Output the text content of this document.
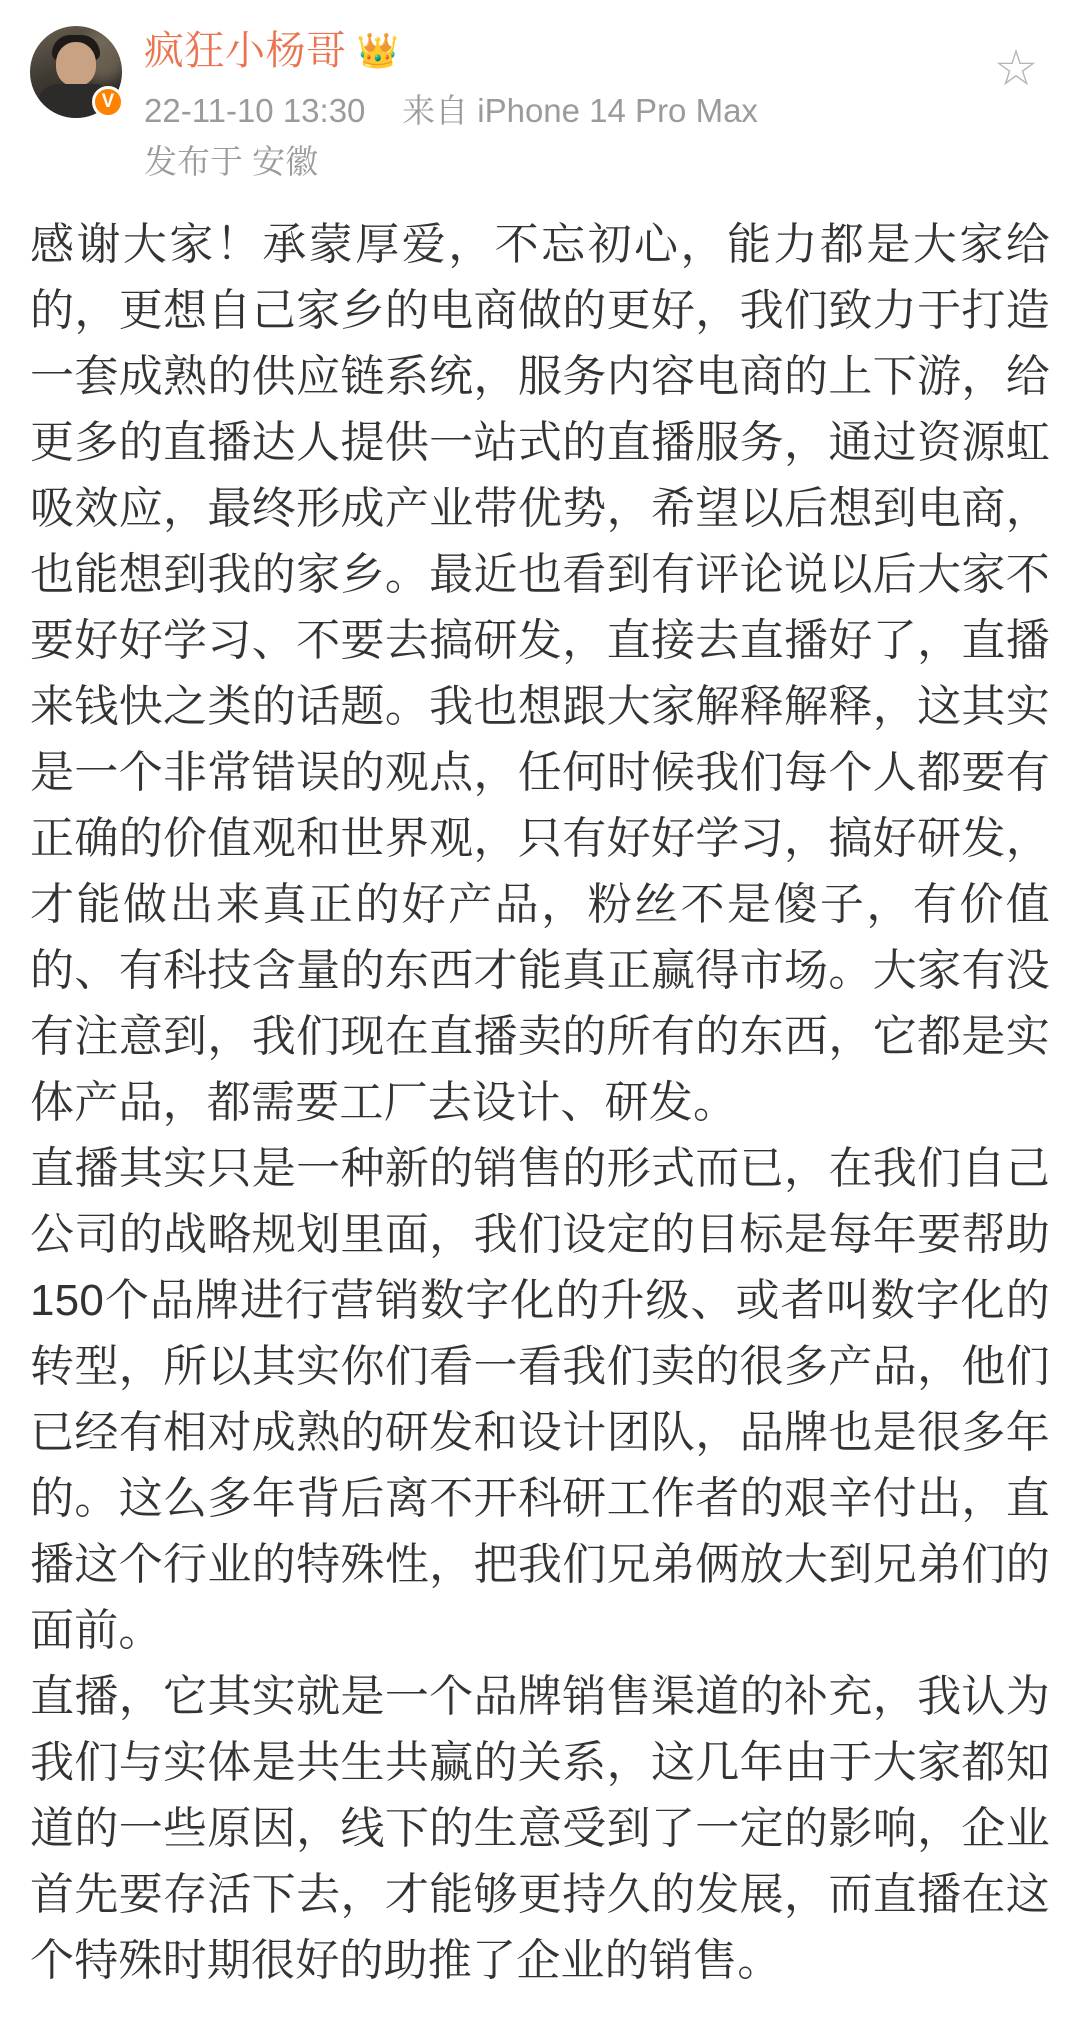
V
疯狂小杨哥 👑
22-11-10 13:30 来自 iPhone 14 Pro Max
发布于 安徽
☆

感谢大家！承蒙厚爱，不忘初心，能力都是大家给的，更想自己家乡的电商做的更好，我们致力于打造一套成熟的供应链系统，服务内容电商的上下游，给更多的直播达人提供一站式的直播服务，通过资源虹吸效应，最终形成产业带优势，希望以后想到电商，也能想到我的家乡。最近也看到有评论说以后大家不要好好学习、不要去搞研发，直接去直播好了，直播来钱快之类的话题。我也想跟大家解释解释，这其实是一个非常错误的观点，任何时候我们每个人都要有正确的价值观和世界观，只有好好学习，搞好研发，才能做出来真正的好产品，粉丝不是傻子，有价值的、有科技含量的东西才能真正赢得市场。大家有没有注意到，我们现在直播卖的所有的东西，它都是实体产品，都需要工厂去设计、研发。

直播其实只是一种新的销售的形式而已，在我们自己公司的战略规划里面，我们设定的目标是每年要帮助150个品牌进行营销数字化的升级、或者叫数字化的转型，所以其实你们看一看我们卖的很多产品，他们已经有相对成熟的研发和设计团队，品牌也是很多年的。这么多年背后离不开科研工作者的艰辛付出，直播这个行业的特殊性，把我们兄弟俩放大到兄弟们的面前。

直播，它其实就是一个品牌销售渠道的补充，我认为我们与实体是共生共赢的关系，这几年由于大家都知道的一些原因，线下的生意受到了一定的影响，企业首先要存活下去，才能够更持久的发展，而直播在这个特殊时期很好的助推了企业的销售。
